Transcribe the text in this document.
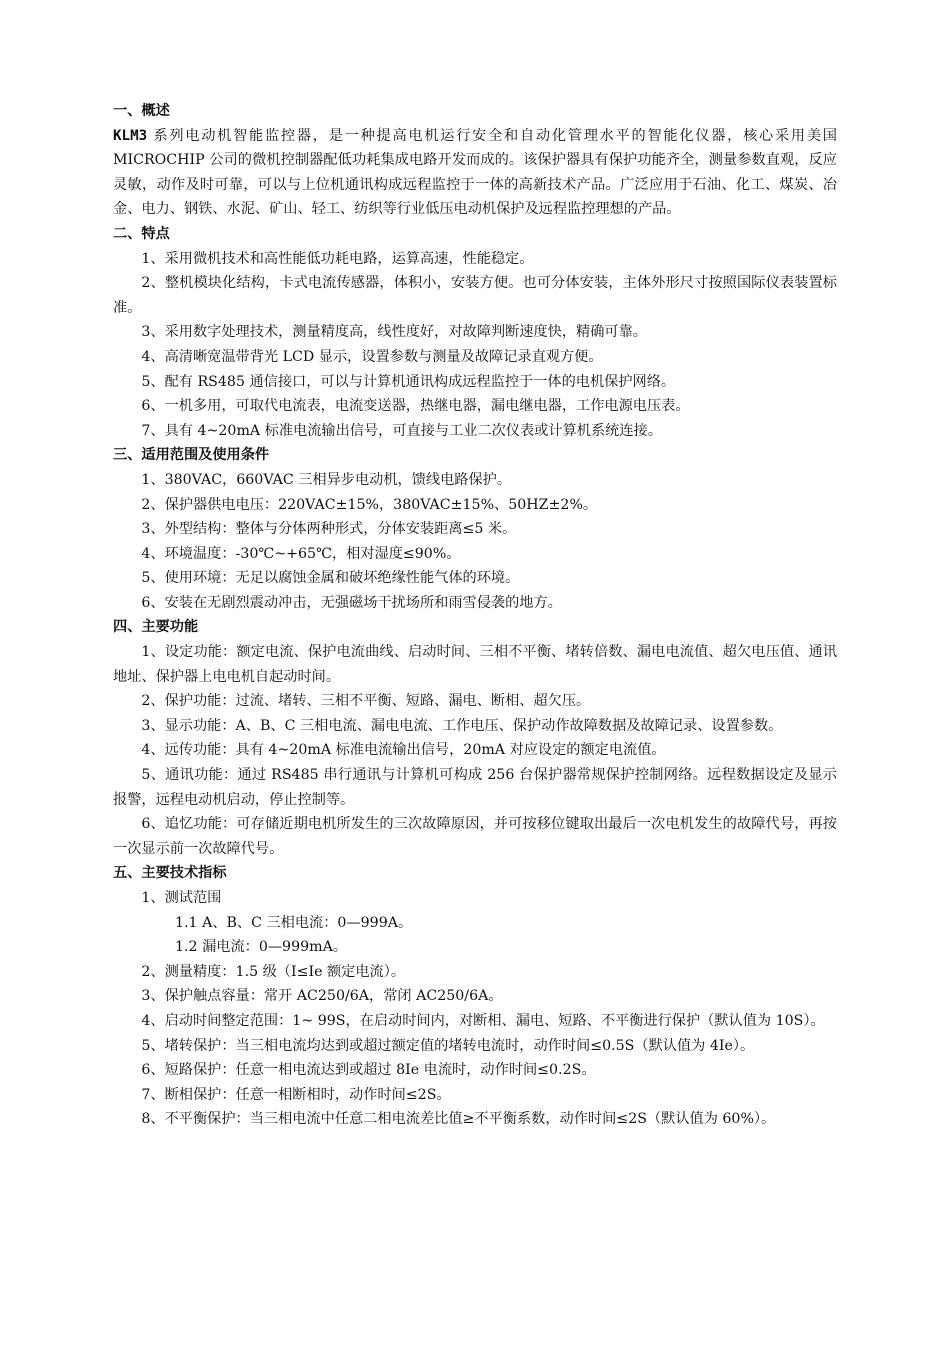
一、概述
KLM3 系列电动机智能监控器，是一种提高电机运行安全和自动化管理水平的智能化仪器，核心采用美国 MICROCHIP 公司的微机控制器配低功耗集成电路开发而成的。该保护器具有保护功能齐全，测量参数直观，反应灵敏，动作及时可靠，可以与上位机通讯构成远程监控于一体的高新技术产品。广泛应用于石油、化工、煤炭、冶金、电力、钢铁、水泥、矿山、轻工、纺织等行业低压电动机保护及远程监控理想的产品。
二、特点
1、采用微机技术和高性能低功耗电路，运算高速，性能稳定。
2、整机模块化结构，卡式电流传感器，体积小，安装方便。也可分体安装，主体外形尺寸按照国际仪表装置标准。
3、采用数字处理技术，测量精度高，线性度好，对故障判断速度快，精确可靠。
4、高清晰宽温带背光 LCD 显示，设置参数与测量及故障记录直观方便。
5、配有 RS485 通信接口，可以与计算机通讯构成远程监控于一体的电机保护网络。
6、一机多用，可取代电流表，电流变送器，热继电器，漏电继电器，工作电源电压表。
7、具有 4~20mA 标准电流输出信号，可直接与工业二次仪表或计算机系统连接。
三、适用范围及使用条件
1、380VAC，660VAC 三相异步电动机，馈线电路保护。
2、保护器供电电压：220VAC±15%，380VAC±15%、50HZ±2%。
3、外型结构：整体与分体两种形式，分体安装距离≤5 米。
4、环境温度：-30℃~+65℃，相对湿度≤90%。
5、使用环境：无足以腐蚀金属和破坏绝缘性能气体的环境。
6、安装在无剧烈震动冲击，无强磁场干扰场所和雨雪侵袭的地方。
四、主要功能
1、设定功能：额定电流、保护电流曲线、启动时间、三相不平衡、堵转倍数、漏电电流值、超欠电压值、通讯地址、保护器上电电机自起动时间。
2、保护功能：过流、堵转、三相不平衡、短路、漏电、断相、超欠压。
3、显示功能：A、B、C 三相电流、漏电电流、工作电压、保护动作故障数据及故障记录、设置参数。
4、远传功能：具有 4~20mA 标准电流输出信号，20mA 对应设定的额定电流值。
5、通讯功能：通过 RS485 串行通讯与计算机可构成 256 台保护器常规保护控制网络。远程数据设定及显示报警，远程电动机启动，停止控制等。
6、追忆功能：可存储近期电机所发生的三次故障原因，并可按移位键取出最后一次电机发生的故障代号，再按一次显示前一次故障代号。
五、主要技术指标
1、测试范围
1.1 A、B、C 三相电流：0—999A。
1.2 漏电流：0—999mA。
2、测量精度：1.5 级（I≤Ie 额定电流）。
3、保护触点容量：常开 AC250/6A，常闭 AC250/6A。
4、启动时间整定范围：1~ 99S，在启动时间内，对断相、漏电、短路、不平衡进行保护（默认值为 10S）。
5、堵转保护：当三相电流均达到或超过额定值的堵转电流时，动作时间≤0.5S（默认值为 4Ie）。
6、短路保护：任意一相电流达到或超过 8Ie 电流时，动作时间≤0.2S。
7、断相保护：任意一相断相时，动作时间≤2S。
8、不平衡保护：当三相电流中任意二相电流差比值≥不平衡系数，动作时间≤2S（默认值为 60%）。
